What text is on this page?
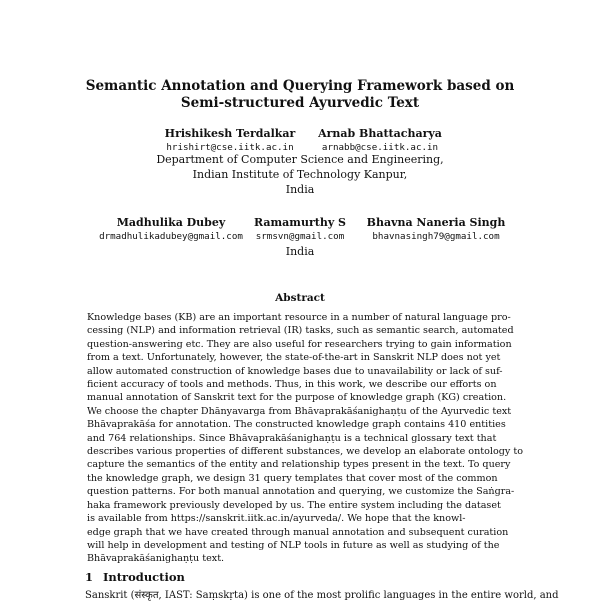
Semantic Annotation and Querying Framework based on
Semi-structured Ayurvedic Text
Hrishikesh Terdalkar
hrishirt@cse.iitk.ac.in
Arnab Bhattacharya
arnabb@cse.iitk.ac.in
Department of Computer Science and Engineering,
Indian Institute of Technology Kanpur,
India
Madhulika Dubey
drmadhulikadubey@gmail.com
Ramamurthy S
srmsvn@gmail.com
Bhavna Naneria Singh
bhavnasingh79@gmail.com
India
Abstract
Knowledge bases (KB) are an important resource in a number of natural language pro-
cessing (NLP) and information retrieval (IR) tasks, such as semantic search, automated
question-answering etc. They are also useful for researchers trying to gain information
from a text. Unfortunately, however, the state-of-the-art in Sanskrit NLP does not yet
allow automated construction of knowledge bases due to unavailability or lack of suf-
ficient accuracy of tools and methods. Thus, in this work, we describe our efforts on
manual annotation of Sanskrit text for the purpose of knowledge graph (KG) creation.
We choose the chapter Dhānyavarga from Bhāvaprakāśanighaṇṭu of the Ayurvedic text
Bhāvaprakāśa for annotation. The constructed knowledge graph contains 410 entities
and 764 relationships. Since Bhāvaprakāśanighaṇṭu is a technical glossary text that
describes various properties of different substances, we develop an elaborate ontology to
capture the semantics of the entity and relationship types present in the text. To query
the knowledge graph, we design 31 query templates that cover most of the common
question patterns. For both manual annotation and querying, we customize the Saṅgra-
haka framework previously developed by us. The entire system including the dataset
is available from https://sanskrit.iitk.ac.in/ayurveda/. We hope that the knowl-
edge graph that we have created through manual annotation and subsequent curation
will help in development and testing of NLP tools in future as well as studying of the
Bhāvaprakāśanighaṇṭu text.
1 Introduction
Sanskrit (संस्कृत, IAST: Saṃskṛta) is one of the most prolific languages in the entire world, and
